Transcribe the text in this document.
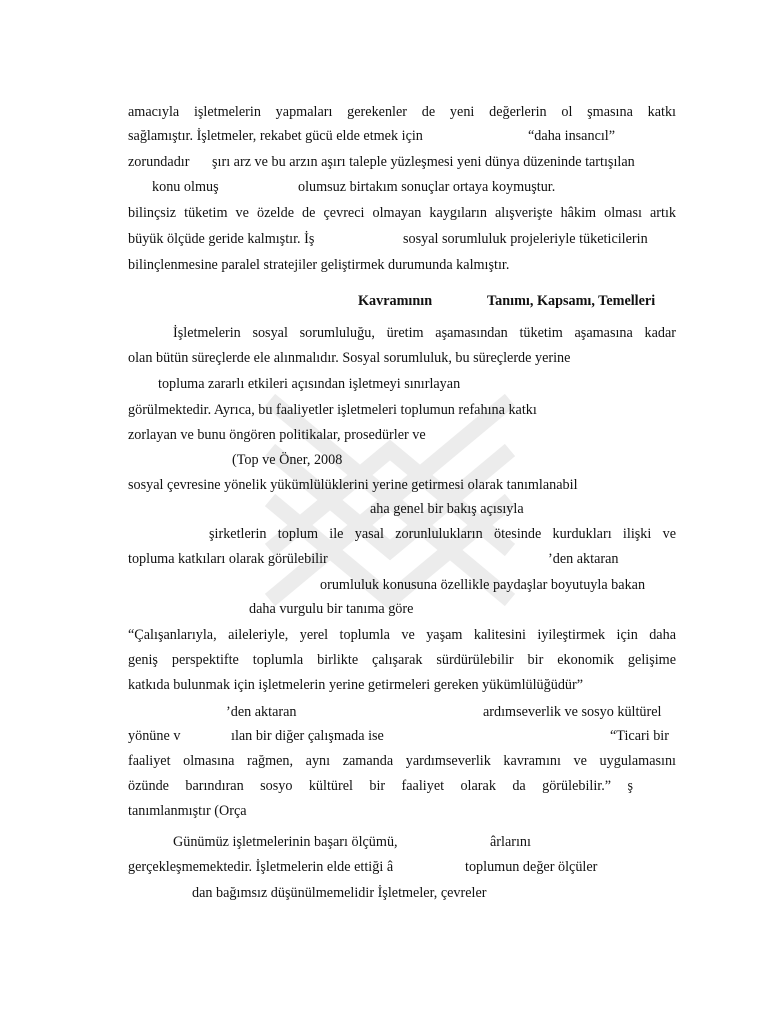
amacıyla işletmelerin yapmaları gerekenler de yeni değerlerin ol şmasına katkı

sağlamıştır. İşletmeler, rekabet gücü elde etmek için	“daha insancıl”

zorundadır şırı arz ve bu arzın aşırı taleple yüzleşmesi yeni dünya düzeninde tartışılan

konu olmuş	olumsuz birtakım sonuçlar ortaya koymuştur.

bilinçsiz tüketim ve özelde de çevreci olmayan kaygıların alışverişte hâkim olması artık

büyük ölçüde geride kalmıştır. İş	sosyal sorumluluk projeleriyle tüketicilerin

bilinçlenmesine paralel stratejiler geliştirmek durumunda kalmıştır.

Kavramının	Tanımı, Kapsamı, Temelleri

İşletmelerin sosyal sorumluluğu, üretim aşamasından tüketim aşamasına kadar

olan bütün süreçlerde ele alınmalıdır. Sosyal sorumluluk, bu süreçlerde yerine

topluma zararlı etkileri açısından işletmeyi sınırlayan

görülmektedir. Ayrıca, bu faaliyetler işletmeleri toplumun refahına katkı

zorlayan ve bunu öngören politikalar, prosedürler ve

(Top ve Öner, 2008

sosyal çevresine yönelik yükümlülüklerini yerine getirmesi olarak tanımlanabil

aha genel bir bakış açısıyla

şirketlerin toplum ile yasal zorunlulukların ötesinde kurdukları ilişki ve

topluma katkıları olarak görülebilir	’den aktaran

orumluluk konusuna özellikle paydaşlar boyutuyla bakan

daha vurgulu bir tanıma göre

“Çalışanlarıyla, aileleriyle, yerel toplumla ve yaşam kalitesini iyileştirmek için daha

geniş perspektifte toplumla birlikte çalışarak sürdürülebilir bir ekonomik gelişime

katkıda bulunmak için işletmelerin yerine getirmeleri gereken yükümlülüğüdür”

’den aktaran	ardımseverlik ve sosyo kültürel

yönüne v	ılan bir diğer çalışmada ise	“Ticari bir

faaliyet olmasına rağmen, aynı zamanda yardımseverlik kavramını ve uygulamasını

özünde barındıran sosyo kültürel bir faaliyet olarak da görülebilir.” ş

tanımlanmıştır (Orça

Günümüz işletmelerinin başarı ölçümü,	ârlarını

gerçekleşmemektedir. İşletmelerin elde ettiği â	toplumun değer ölçüler

dan bağımsız düşünülmemelidir İşletmeler, çevreler
